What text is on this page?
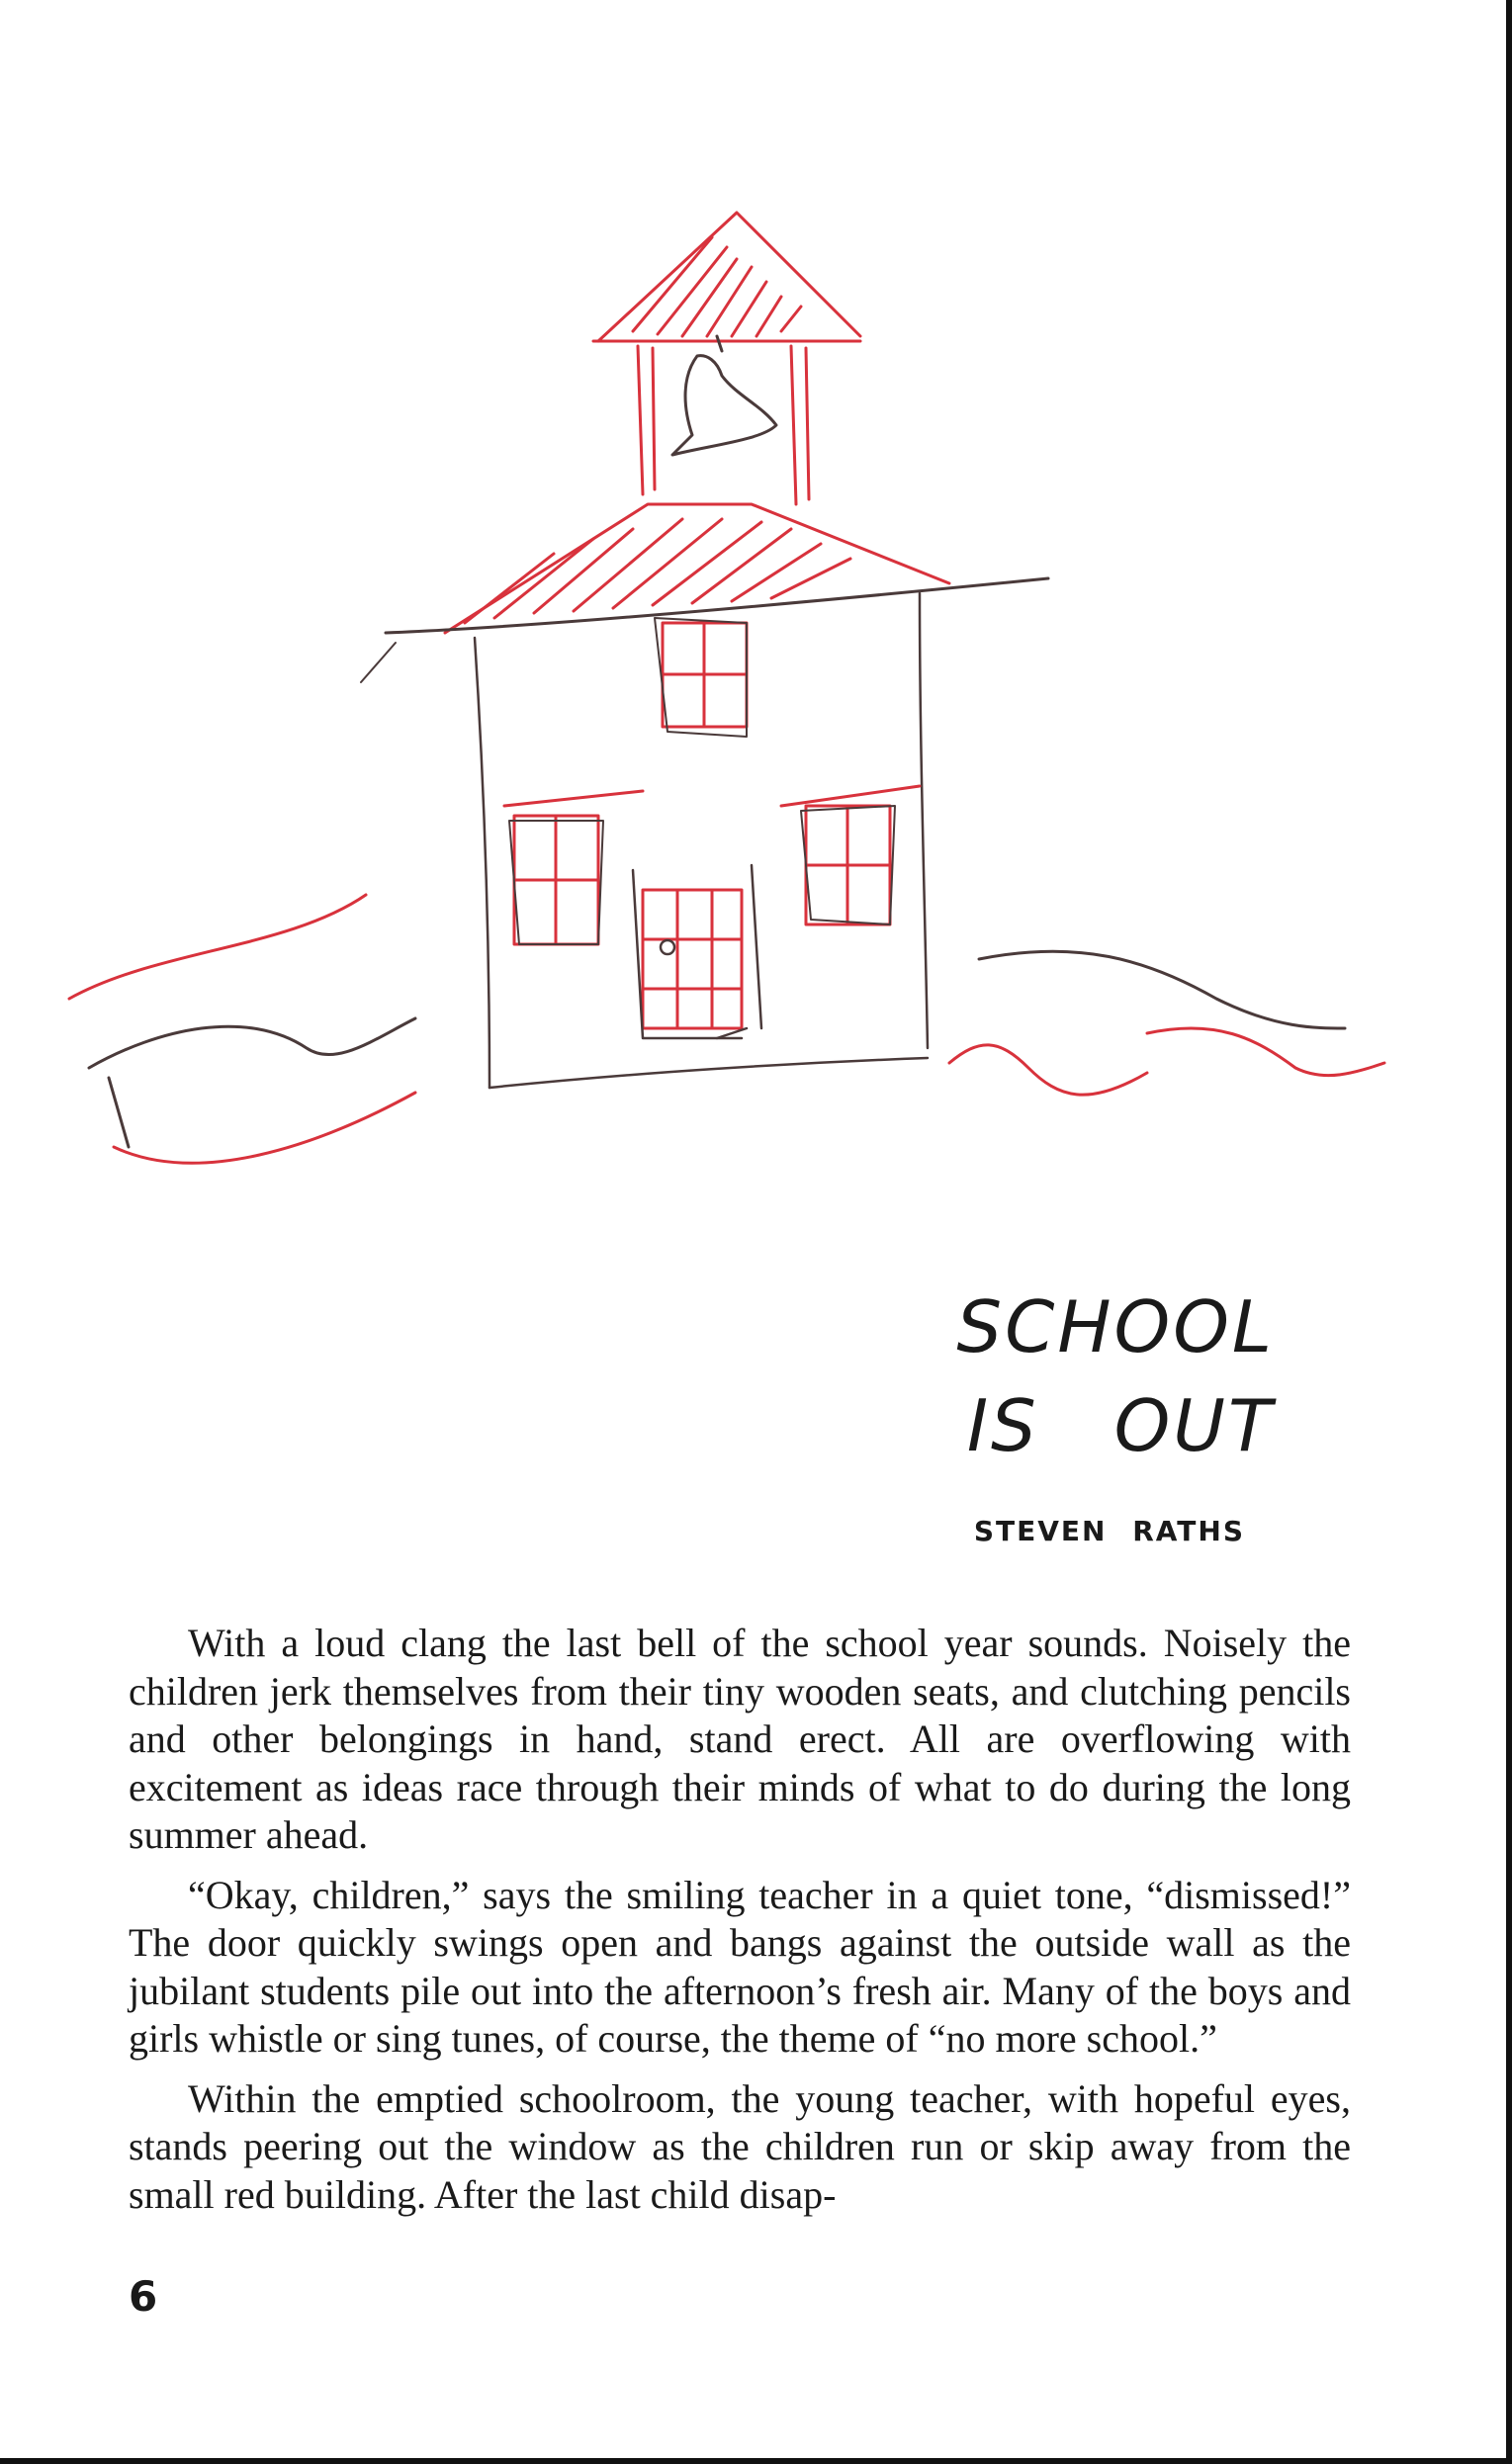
SCHOOL
IS OUT
STEVEN RATHS

With a loud clang the last bell of the school year sounds. Noisely the children jerk themselves from their tiny wooden seats, and clutching pencils and other belongings in hand, stand erect. All are overflowing with excitement as ideas race through their minds of what to do during the long summer ahead.

“Okay, children,” says the smiling teacher in a quiet tone, “dismissed!” The door quickly swings open and bangs against the outside wall as the jubilant students pile out into the afternoon’s fresh air. Many of the boys and girls whistle or sing tunes, of course, the theme of “no more school.”

Within the emptied schoolroom, the young teacher, with hopeful eyes, stands peering out the window as the children run or skip away from the small red building. After the last child disap-

6
